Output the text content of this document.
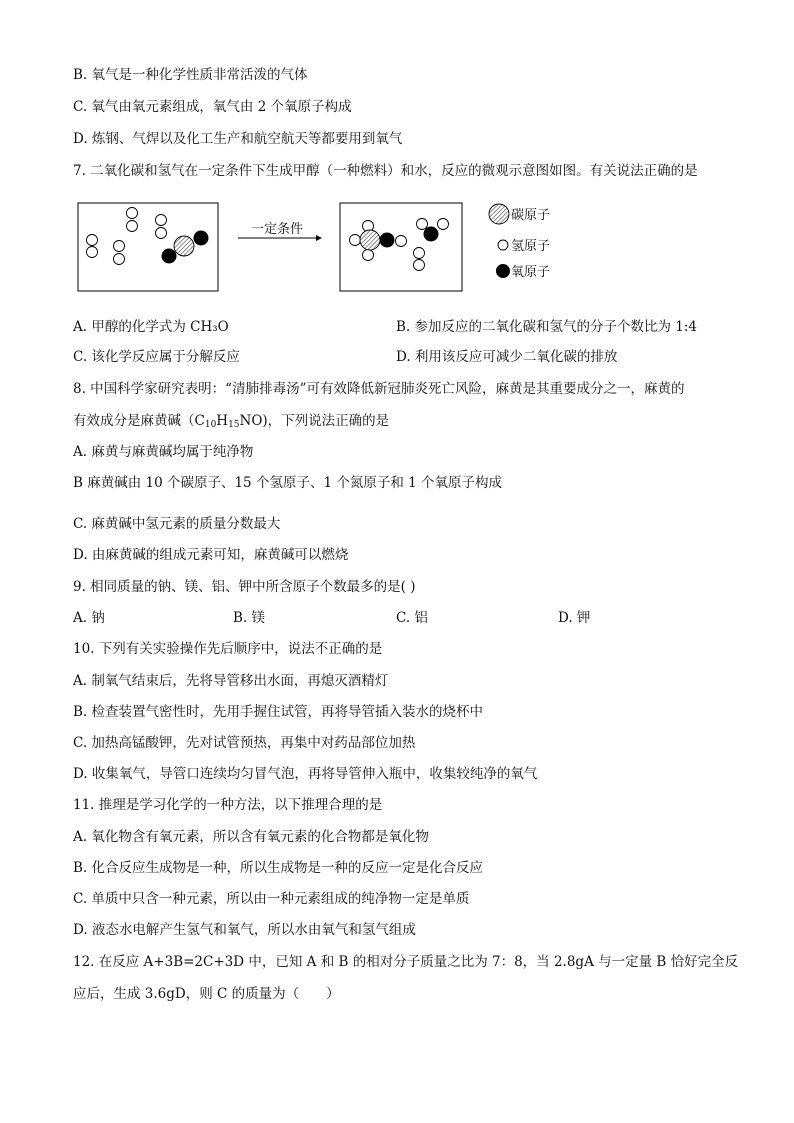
B. 氧气是一种化学性质非常活泼的气体
C. 氧气由氧元素组成，氧气由 2 个氧原子构成
D. 炼钢、气焊以及化工生产和航空航天等都要用到氧气
7. 二氧化碳和氢气在一定条件下生成甲醇（一种燃料）和水，反应的微观示意图如图。有关说法正确的是
一定条件
碳原子
氢原子
氧原子
A. 甲醇的化学式为 CH₃O	B. 参加反应的二氧化碳和氢气的分子个数比为 1:4
C. 该化学反应属于分解反应	D. 利用该反应可减少二氧化碳的排放
8. 中国科学家研究表明：“清肺排毒汤”可有效降低新冠肺炎死亡风险，麻黄是其重要成分之一，麻黄的
有效成分是麻黄碱$(C_{10}H_{15}NO)$，下列说法正确的是
A. 麻黄与麻黄碱均属于纯净物
B 麻黄碱由 10 个碳原子、15 个氢原子、1 个氮原子和 1 个氧原子构成
C. 麻黄碱中氢元素的质量分数最大
D. 由麻黄碱的组成元素可知，麻黄碱可以燃烧
9. 相同质量的钠、镁、铝、钾中所含原子个数最多的是( )
A. 钠	B. 镁	C. 铝	D. 钾
10. 下列有关实验操作先后顺序中，说法不正确的是
A. 制氧气结束后，先将导管移出水面，再熄灭酒精灯
B. 检查装置气密性时，先用手握住试管，再将导管插入装水的烧杯中
C. 加热高锰酸钾，先对试管预热，再集中对药品部位加热
D. 收集氧气，导管口连续均匀冒气泡，再将导管伸入瓶中，收集较纯净的氧气
11. 推理是学习化学的一种方法，以下推理合理的是
A. 氧化物含有氧元素，所以含有氧元素的化合物都是氧化物
B. 化合反应生成物是一种，所以生成物是一种的反应一定是化合反应
C. 单质中只含一种元素，所以由一种元素组成的纯净物一定是单质
D. 液态水电解产生氢气和氧气，所以水由氧气和氢气组成
12. 在反应 A+3B=2C+3D 中，已知 A 和 B 的相对分子质量之比为 7：8，当 2.8gA 与一定量 B 恰好完全反
应后，生成 3.6gD，则 C 的质量为（　　）
